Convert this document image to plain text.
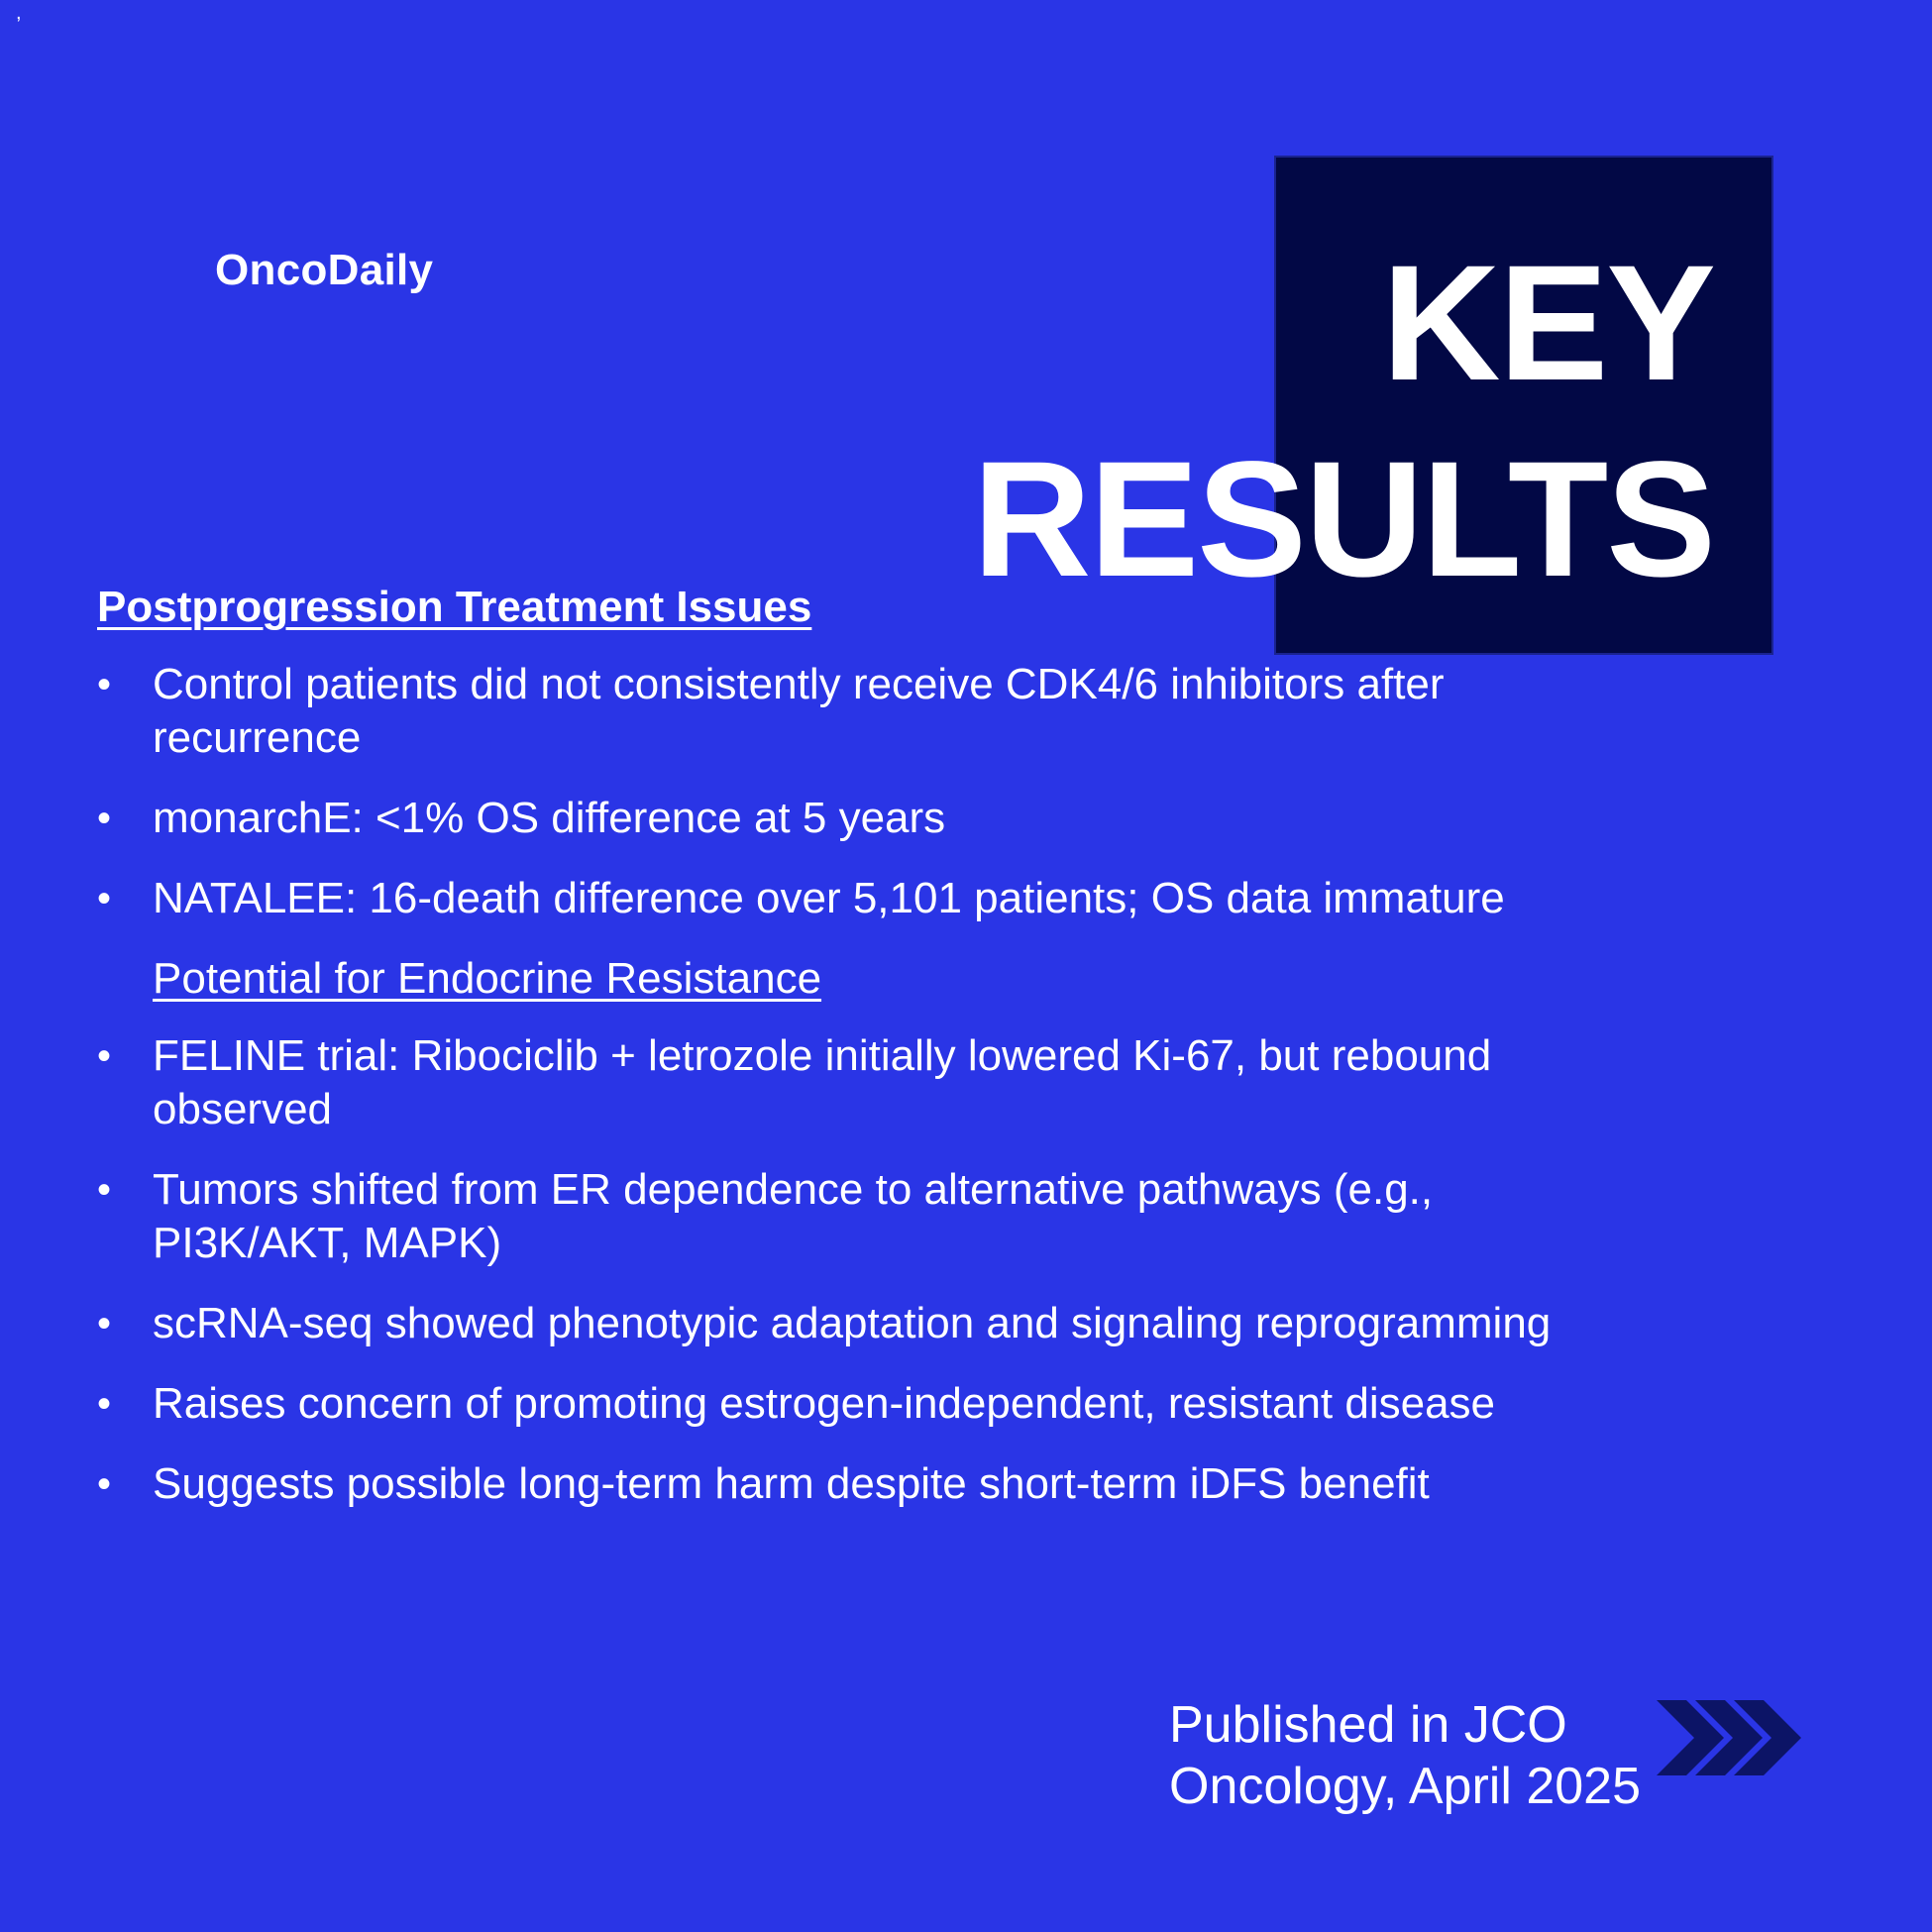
,
OncoDaily	KEY
RESULTS
Postprogression Treatment Issues
• Control patients did not consistently receive CDK4/6 inhibitors after recurrence
• monarchE: <1% OS difference at 5 years
• NATALEE: 16-death difference over 5,101 patients; OS data immature
Potential for Endocrine Resistance
• FELINE trial: Ribociclib + letrozole initially lowered Ki-67, but rebound observed
• Tumors shifted from ER dependence to alternative pathways (e.g., PI3K/AKT, MAPK)
• scRNA-seq showed phenotypic adaptation and signaling reprogramming
• Raises concern of promoting estrogen-independent, resistant disease
• Suggests possible long-term harm despite short-term iDFS benefit
Published in JCO
Oncology, April 2025
